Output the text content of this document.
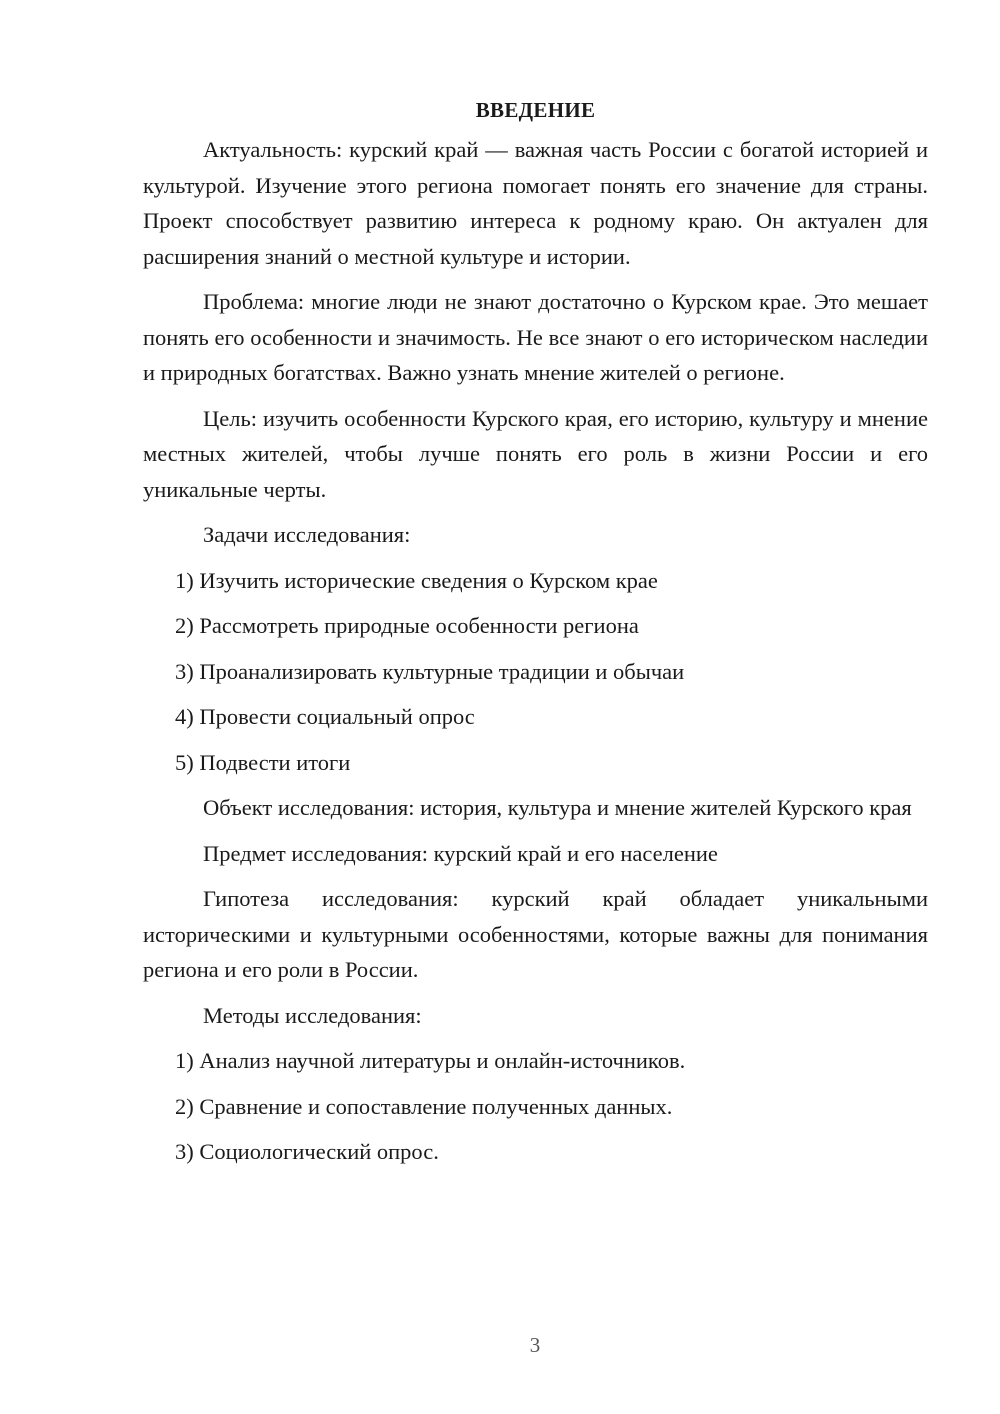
ВВЕДЕНИЕ

Актуальность: курский край — важная часть России с богатой историей и культурой. Изучение этого региона помогает понять его значение для страны. Проект способствует развитию интереса к родному краю. Он актуален для расширения знаний о местной культуре и истории.

Проблема: многие люди не знают достаточно о Курском крае. Это мешает понять его особенности и значимость. Не все знают о его историческом наследии и природных богатствах. Важно узнать мнение жителей о регионе.

Цель: изучить особенности Курского края, его историю, культуру и мнение местных жителей, чтобы лучше понять его роль в жизни России и его уникальные черты.

Задачи исследования:
1) Изучить исторические сведения о Курском крае
2) Рассмотреть природные особенности региона
3) Проанализировать культурные традиции и обычаи
4) Провести социальный опрос
5) Подвести итоги

Объект исследования: история, культура и мнение жителей Курского края

Предмет исследования: курский край и его население

Гипотеза исследования: курский край обладает уникальными историческими и культурными особенностями, которые важны для понимания региона и его роли в России.

Методы исследования:
1) Анализ научной литературы и онлайн-источников.
2) Сравнение и сопоставление полученных данных.
3) Социологический опрос.
3
